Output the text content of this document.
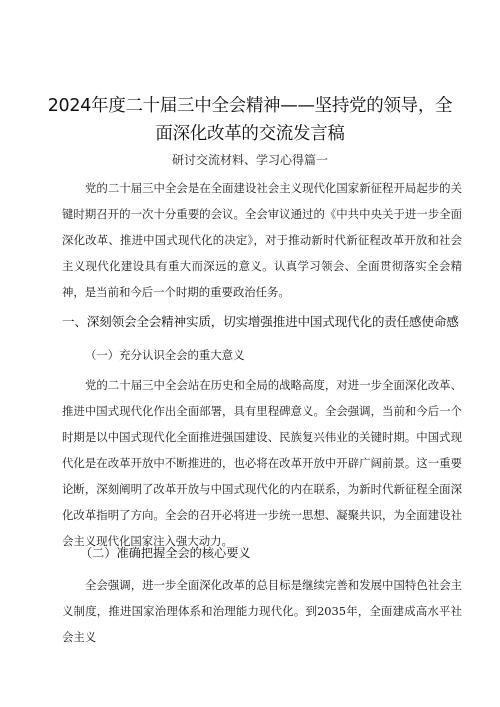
2024年度二十届三中全会精神——坚持党的领导，全面深化改革的交流发言稿
研讨交流材料、学习心得篇一

党的二十届三中全会是在全面建设社会主义现代化国家新征程开局起步的关键时期召开的一次十分重要的会议。全会审议通过的《中共中央关于进一步全面深化改革、推进中国式现代化的决定》，对于推动新时代新征程改革开放和社会主义现代化建设具有重大而深远的意义。认真学习领会、全面贯彻落实全会精神，是当前和今后一个时期的重要政治任务。

一、深刻领会全会精神实质，切实增强推进中国式现代化的责任感使命感
（一）充分认识全会的重大意义

党的二十届三中全会站在历史和全局的战略高度，对进一步全面深化改革、推进中国式现代化作出全面部署，具有里程碑意义。全会强调，当前和今后一个时期是以中国式现代化全面推进强国建设、民族复兴伟业的关键时期。中国式现代化是在改革开放中不断推进的，也必将在改革开放中开辟广阔前景。这一重要论断，深刻阐明了改革开放与中国式现代化的内在联系，为新时代新征程全面深化改革指明了方向。全会的召开必将进一步统一思想、凝聚共识，为全面建设社会主义现代化国家注入强大动力。

（二）准确把握全会的核心要义

全会强调，进一步全面深化改革的总目标是继续完善和发展中国特色社会主义制度，推进国家治理体系和治理能力现代化。到2035年，全面建成高水平社会主义
